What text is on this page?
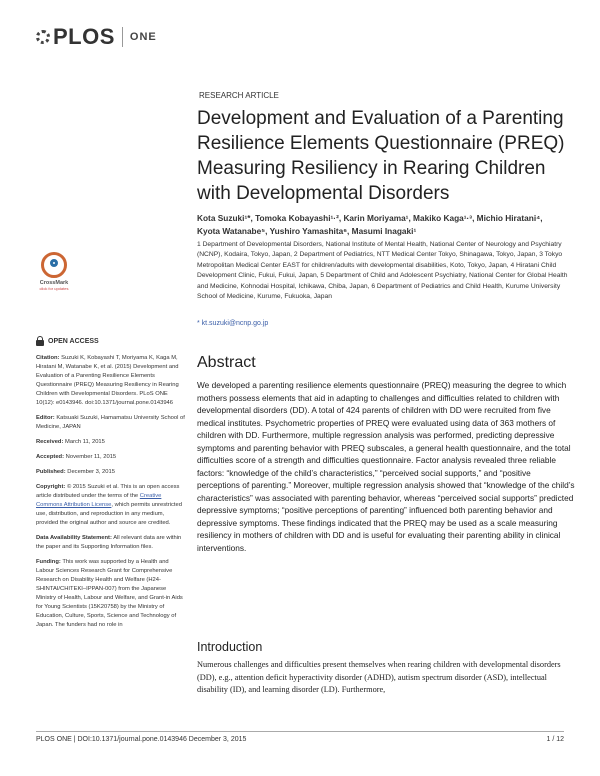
PLOS ONE
CrossMark
click for updates
RESEARCH ARTICLE
Development and Evaluation of a Parenting Resilience Elements Questionnaire (PREQ) Measuring Resiliency in Rearing Children with Developmental Disorders
Kota Suzuki¹*, Tomoka Kobayashi¹·², Karin Moriyama¹, Makiko Kaga¹·³, Michio Hiratani⁴,
Kyota Watanabe⁵, Yushiro Yamashita⁶, Masumi Inagaki¹
1 Department of Developmental Disorders, National Institute of Mental Health, National Center of Neurology and Psychiatry (NCNP), Kodaira, Tokyo, Japan, 2 Department of Pediatrics, NTT Medical Center Tokyo, Shinagawa, Tokyo, Japan, 3 Tokyo Metropolitan Medical Center EAST for children/adults with developmental disabilities, Koto, Tokyo, Japan, 4 Hiratani Child Development Clinic, Fukui, Fukui, Japan, 5 Department of Child and Adolescent Psychiatry, National Center for Global Health and Medicine, Kohnodai Hospital, Ichikawa, Chiba, Japan, 6 Department of Pediatrics and Child Health, Kurume University School of Medicine, Kurume, Fukuoka, Japan
* kt.suzuki@ncnp.go.jp
OPEN ACCESS

Citation: Suzuki K, Kobayashi T, Moriyama K, Kaga M, Hiratani M, Watanabe K, et al. (2015) Development and Evaluation of a Parenting Resilience Elements Questionnaire (PREQ) Measuring Resiliency in Rearing Children with Developmental Disorders. PLoS ONE 10(12): e0143946. doi:10.1371/journal.pone.0143946

Editor: Katsuaki Suzuki, Hamamatsu University School of Medicine, JAPAN

Received: March 11, 2015

Accepted: November 11, 2015

Published: December 3, 2015

Copyright: © 2015 Suzuki et al. This is an open access article distributed under the terms of the Creative Commons Attribution License, which permits unrestricted use, distribution, and reproduction in any medium, provided the original author and source are credited.

Data Availability Statement: All relevant data are within the paper and its Supporting Information files.

Funding: This work was supported by a Health and Labour Sciences Research Grant for Comprehensive Research on Disability Health and Welfare (H24-SHINTAI/CHITEKI–IPPAN-007) from the Japanese Ministry of Health, Labour and Welfare, and Grant-in Aids for Young Scientists (15K20758) by the Ministry of Education, Culture, Sports, Science and Technology of Japan. The funders had no role in

Abstract
We developed a parenting resilience elements questionnaire (PREQ) measuring the degree to which mothers possess elements that aid in adapting to challenges and difficulties related to children with developmental disorders (DD). A total of 424 parents of children with DD were recruited from five medical institutes. Psychometric properties of PREQ were evaluated using data of 363 mothers of children with DD. Furthermore, multiple regression analysis was performed, predicting depressive symptoms and parenting behavior with PREQ subscales, a general health questionnaire, and the total difficulties score of a strength and difficulties questionnaire. Factor analysis revealed three reliable factors: “knowledge of the child’s characteristics,” “perceived social supports,” and “positive perceptions of parenting.” Moreover, multiple regression analysis showed that “knowledge of the child’s characteristics” was associated with parenting behavior, whereas “perceived social supports” predicted depressive symptoms; “positive perceptions of parenting” influenced both parenting behavior and depressive symptoms. These findings indicated that the PREQ may be used as a scale measuring resiliency in mothers of children with DD and is useful for evaluating their parenting ability in clinical interventions.
Introduction
Numerous challenges and difficulties present themselves when rearing children with developmental disorders (DD), e.g., attention deficit hyperactivity disorder (ADHD), autism spectrum disorder (ASD), intellectual disability (ID), and learning disorder (LD). Furthermore,
PLOS ONE | DOI:10.1371/journal.pone.0143946 December 3, 2015	1 / 12
